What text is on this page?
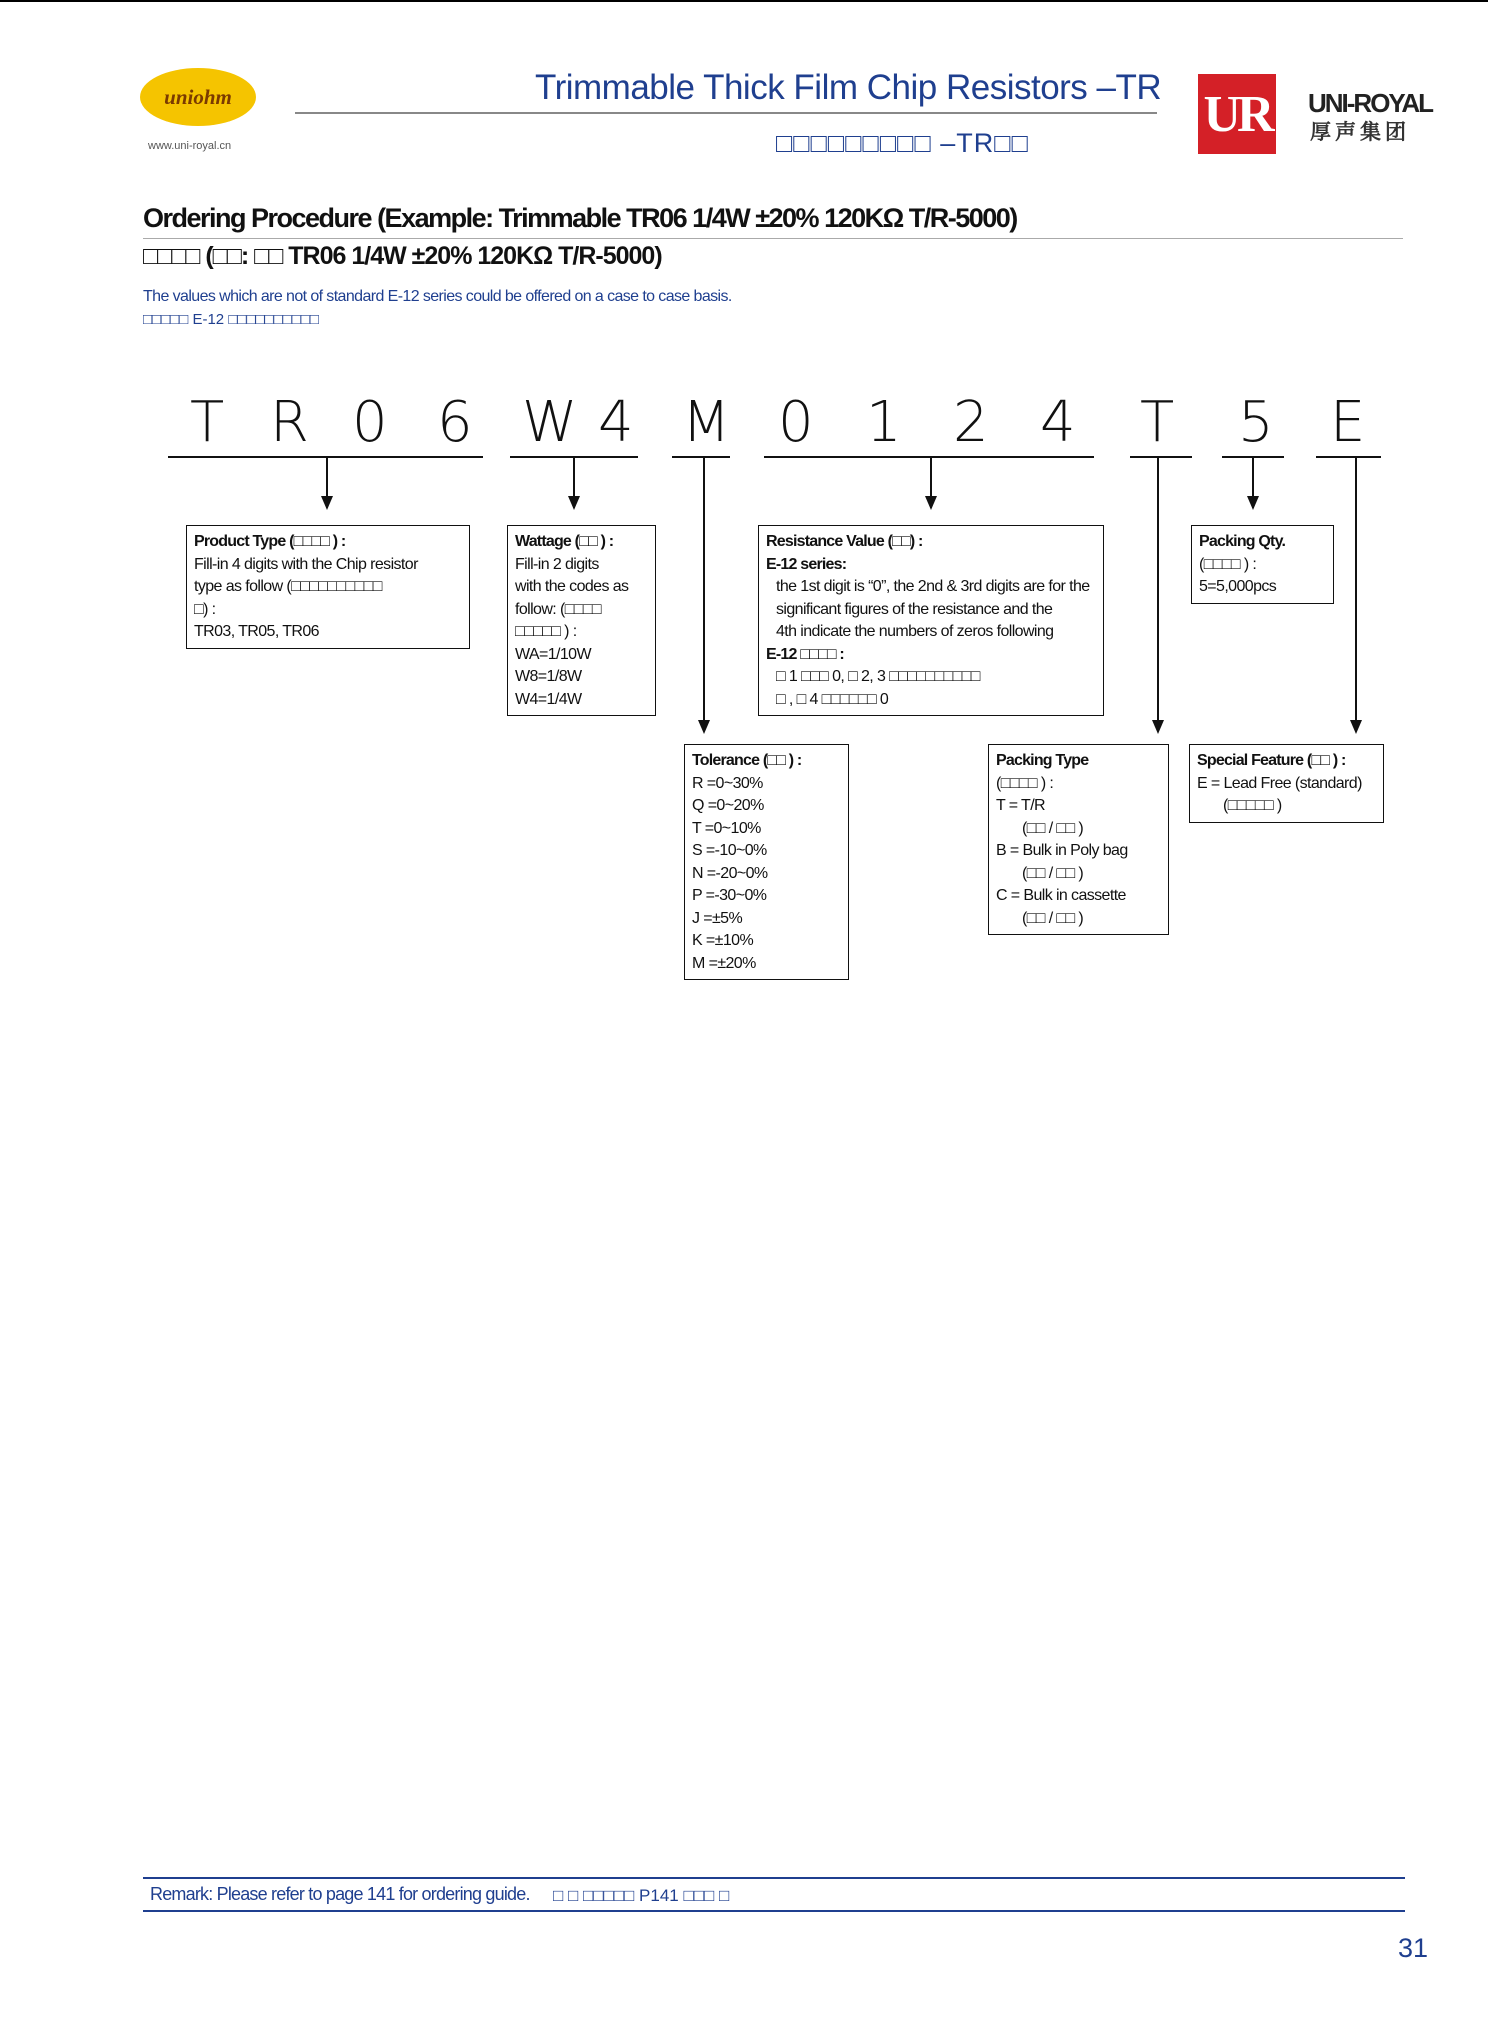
uniohm
www.uni-royal.cn
Trimmable Thick Film Chip Resistors –TR
□□□□□□□□□ –TR□□
UR UNI-ROYAL
厚声集团
Ordering Procedure (Example: Trimmable TR06 1/4W ±20% 120KΩ T/R-5000)
□□□□ (□□: □□ TR06 1/4W ±20% 120KΩ T/R-5000)
The values which are not of standard E-12 series could be offered on a case to case basis.
□□□□□ E-12 □□□□□□□□□□
T R 0 6 W 4 M 0 1 2 4 T 5 E
Product Type (□□□□ ) :
Fill-in 4 digits with the Chip resistor
type as follow (□□□□□□□□□□
□) :
TR03, TR05, TR06
Wattage (□□ ) :
Fill-in 2 digits
with the codes as
follow: (□□□□
□□□□□ ) :
WA=1/10W
W8=1/8W
W4=1/4W
Resistance Value (□□) :
E-12 series:
the 1st digit is “0”, the 2nd & 3rd digits are for the
significant figures of the resistance and the
4th indicate the numbers of zeros following
E-12 □□□□ :
□ 1 □□□ 0, □ 2, 3 □□□□□□□□□□
□ , □ 4 □□□□□□ 0
Packing Qty.
(□□□□ ) :
5=5,000pcs
Tolerance (□□ ) :
R =0~30%
Q =0~20%
T =0~10%
S =-10~0%
N =-20~0%
P =-30~0%
J =±5%
K =±10%
M =±20%
Packing Type
(□□□□ ) :
T = T/R
(□□ / □□ )
B = Bulk in Poly bag
(□□ / □□ )
C = Bulk in cassette
(□□ / □□ )
Special Feature (□□ ) :
E = Lead Free (standard)
(□□□□□ )
Remark: Please refer to page 141 for ordering guide. □ □ □□□□□ P141 □□□ □
31
